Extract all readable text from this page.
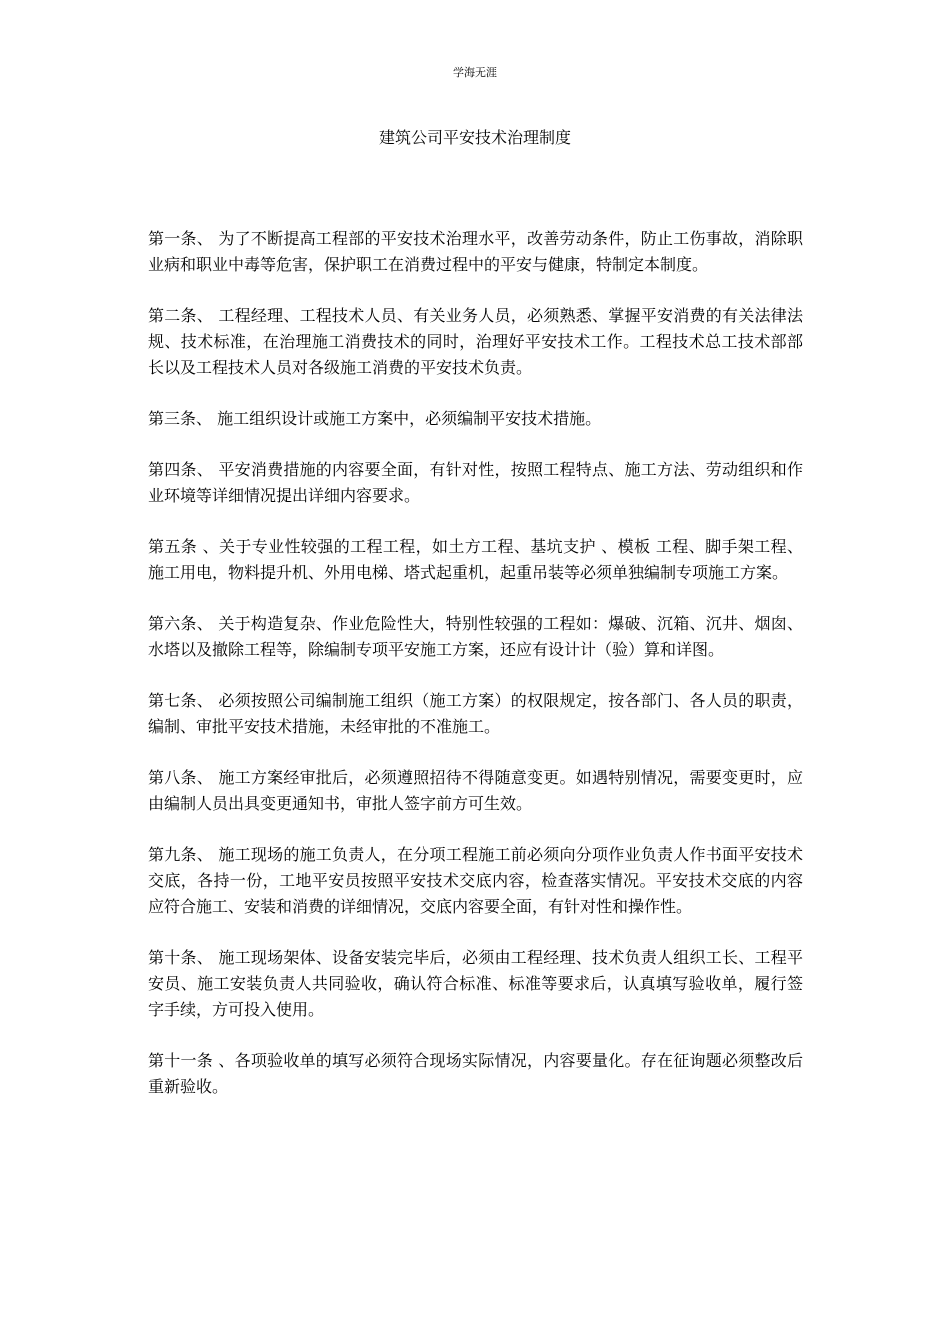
学海无涯
建筑公司平安技术治理制度

第一条、 为了不断提高工程部的平安技术治理水平，改善劳动条件，防止工伤事故，消除职业病和职业中毒等危害，保护职工在消费过程中的平安与健康，特制定本制度。

第二条、 工程经理、工程技术人员、有关业务人员，必须熟悉、掌握平安消费的有关法律法规、技术标准，在治理施工消费技术的同时，治理好平安技术工作。工程技术总工技术部部长以及工程技术人员对各级施工消费的平安技术负责。

第三条、 施工组织设计或施工方案中，必须编制平安技术措施。

第四条、 平安消费措施的内容要全面，有针对性，按照工程特点、施工方法、劳动组织和作业环境等详细情况提出详细内容要求。

第五条 、关于专业性较强的工程工程，如土方工程、基坑支护 、模板 工程、脚手架工程、施工用电，物料提升机、外用电梯、塔式起重机，起重吊装等必须单独编制专项施工方案。

第六条、 关于构造复杂、作业危险性大，特别性较强的工程如：爆破、沉箱、沉井、烟囱、水塔以及撤除工程等，除编制专项平安施工方案，还应有设计计（验）算和详图。

第七条、 必须按照公司编制施工组织（施工方案）的权限规定，按各部门、各人员的职责，编制、审批平安技术措施，未经审批的不准施工。

第八条、 施工方案经审批后，必须遵照招待不得随意变更。如遇特别情况，需要变更时，应由编制人员出具变更通知书，审批人签字前方可生效。

第九条、 施工现场的施工负责人，在分项工程施工前必须向分项作业负责人作书面平安技术交底，各持一份，工地平安员按照平安技术交底内容，检查落实情况。平安技术交底的内容应符合施工、安装和消费的详细情况，交底内容要全面，有针对性和操作性。

第十条、 施工现场架体、设备安装完毕后，必须由工程经理、技术负责人组织工长、工程平安员、施工安装负责人共同验收，确认符合标准、标准等要求后，认真填写验收单，履行签字手续，方可投入使用。

第十一条 、各项验收单的填写必须符合现场实际情况，内容要量化。存在征询题必须整改后重新验收。
